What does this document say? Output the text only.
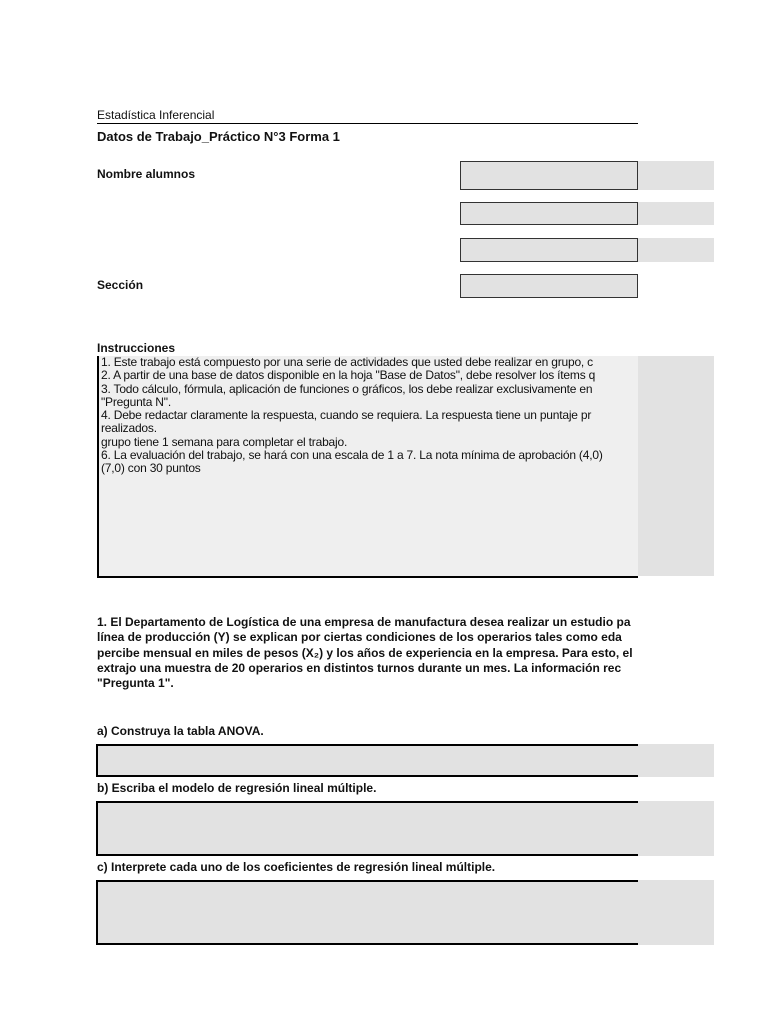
Estadística Inferencial
Datos de Trabajo_Práctico N°3 Forma 1
Nombre alumnos
Sección
Instrucciones
1. Este trabajo está compuesto por una serie de actividades que usted debe realizar en grupo, c
2. A partir de una base de datos disponible en la hoja "Base de Datos", debe resolver los ítems q
3. Todo cálculo, fórmula, aplicación de funciones o gráficos, los debe realizar exclusivamente en
"Pregunta N".
4. Debe redactar claramente la respuesta, cuando se requiera. La respuesta tiene un puntaje pr
realizados.
grupo tiene 1 semana para completar el trabajo.
6. La evaluación del trabajo, se hará con una escala de 1 a 7. La nota mínima de aprobación (4,0)
(7,0) con 30 puntos
1. El Departamento de Logística de una empresa de manufactura desea realizar un estudio pa
línea de producción (Y) se explican por ciertas condiciones de los operarios tales como eda
percibe mensual en miles de pesos (X₂) y los años de experiencia en la empresa. Para esto, el
extrajo una muestra de 20 operarios en distintos turnos durante un mes. La información rec
"Pregunta 1".
a) Construya la tabla ANOVA.
b) Escriba el modelo de regresión lineal múltiple.
c) Interprete cada uno de los coeficientes de regresión lineal múltiple.
